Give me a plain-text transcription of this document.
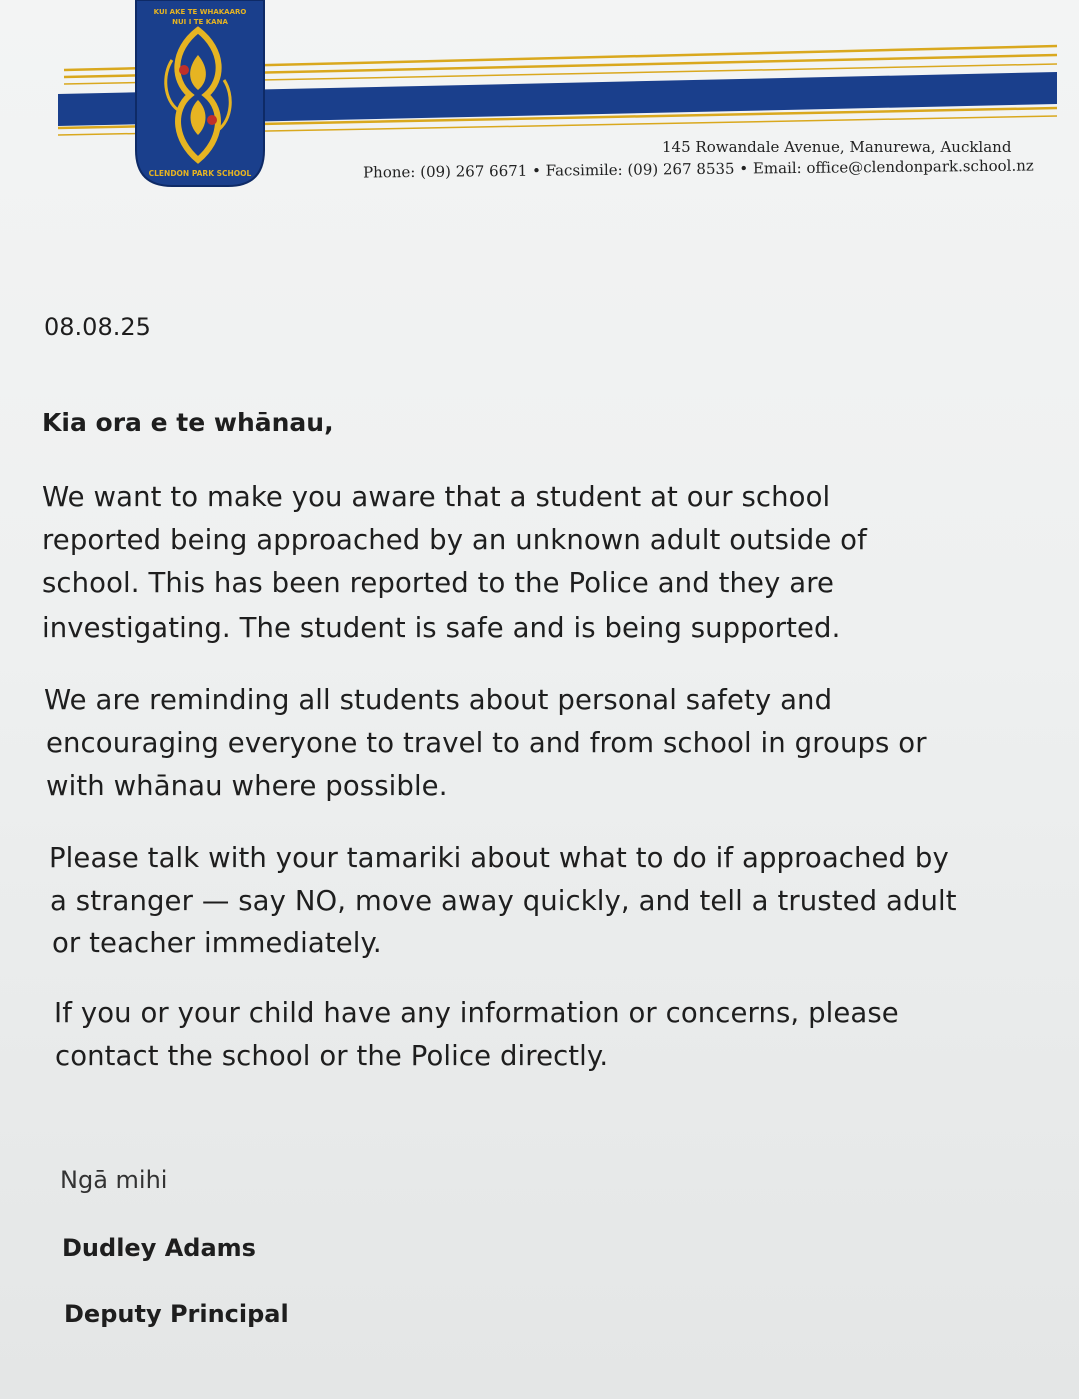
KUI AKE TE WHAKAARO
NUI I TE KANA
CLENDON PARK SCHOOL
145 Rowandale Avenue, Manurewa, Auckland
Phone: (09) 267 6671 • Facsimile: (09) 267 8535 • Email: office@clendonpark.school.nz
08.08.25
Kia ora e te whānau,
We want to make you aware that a student at our school
reported being approached by an unknown adult outside of
school. This has been reported to the Police and they are
investigating. The student is safe and is being supported.
We are reminding all students about personal safety and
encouraging everyone to travel to and from school in groups or
with whānau where possible.
Please talk with your tamariki about what to do if approached by
a stranger — say NO, move away quickly, and tell a trusted adult
or teacher immediately.
If you or your child have any information or concerns, please
contact the school or the Police directly.
Ngā mihi
Dudley Adams
Deputy Principal
